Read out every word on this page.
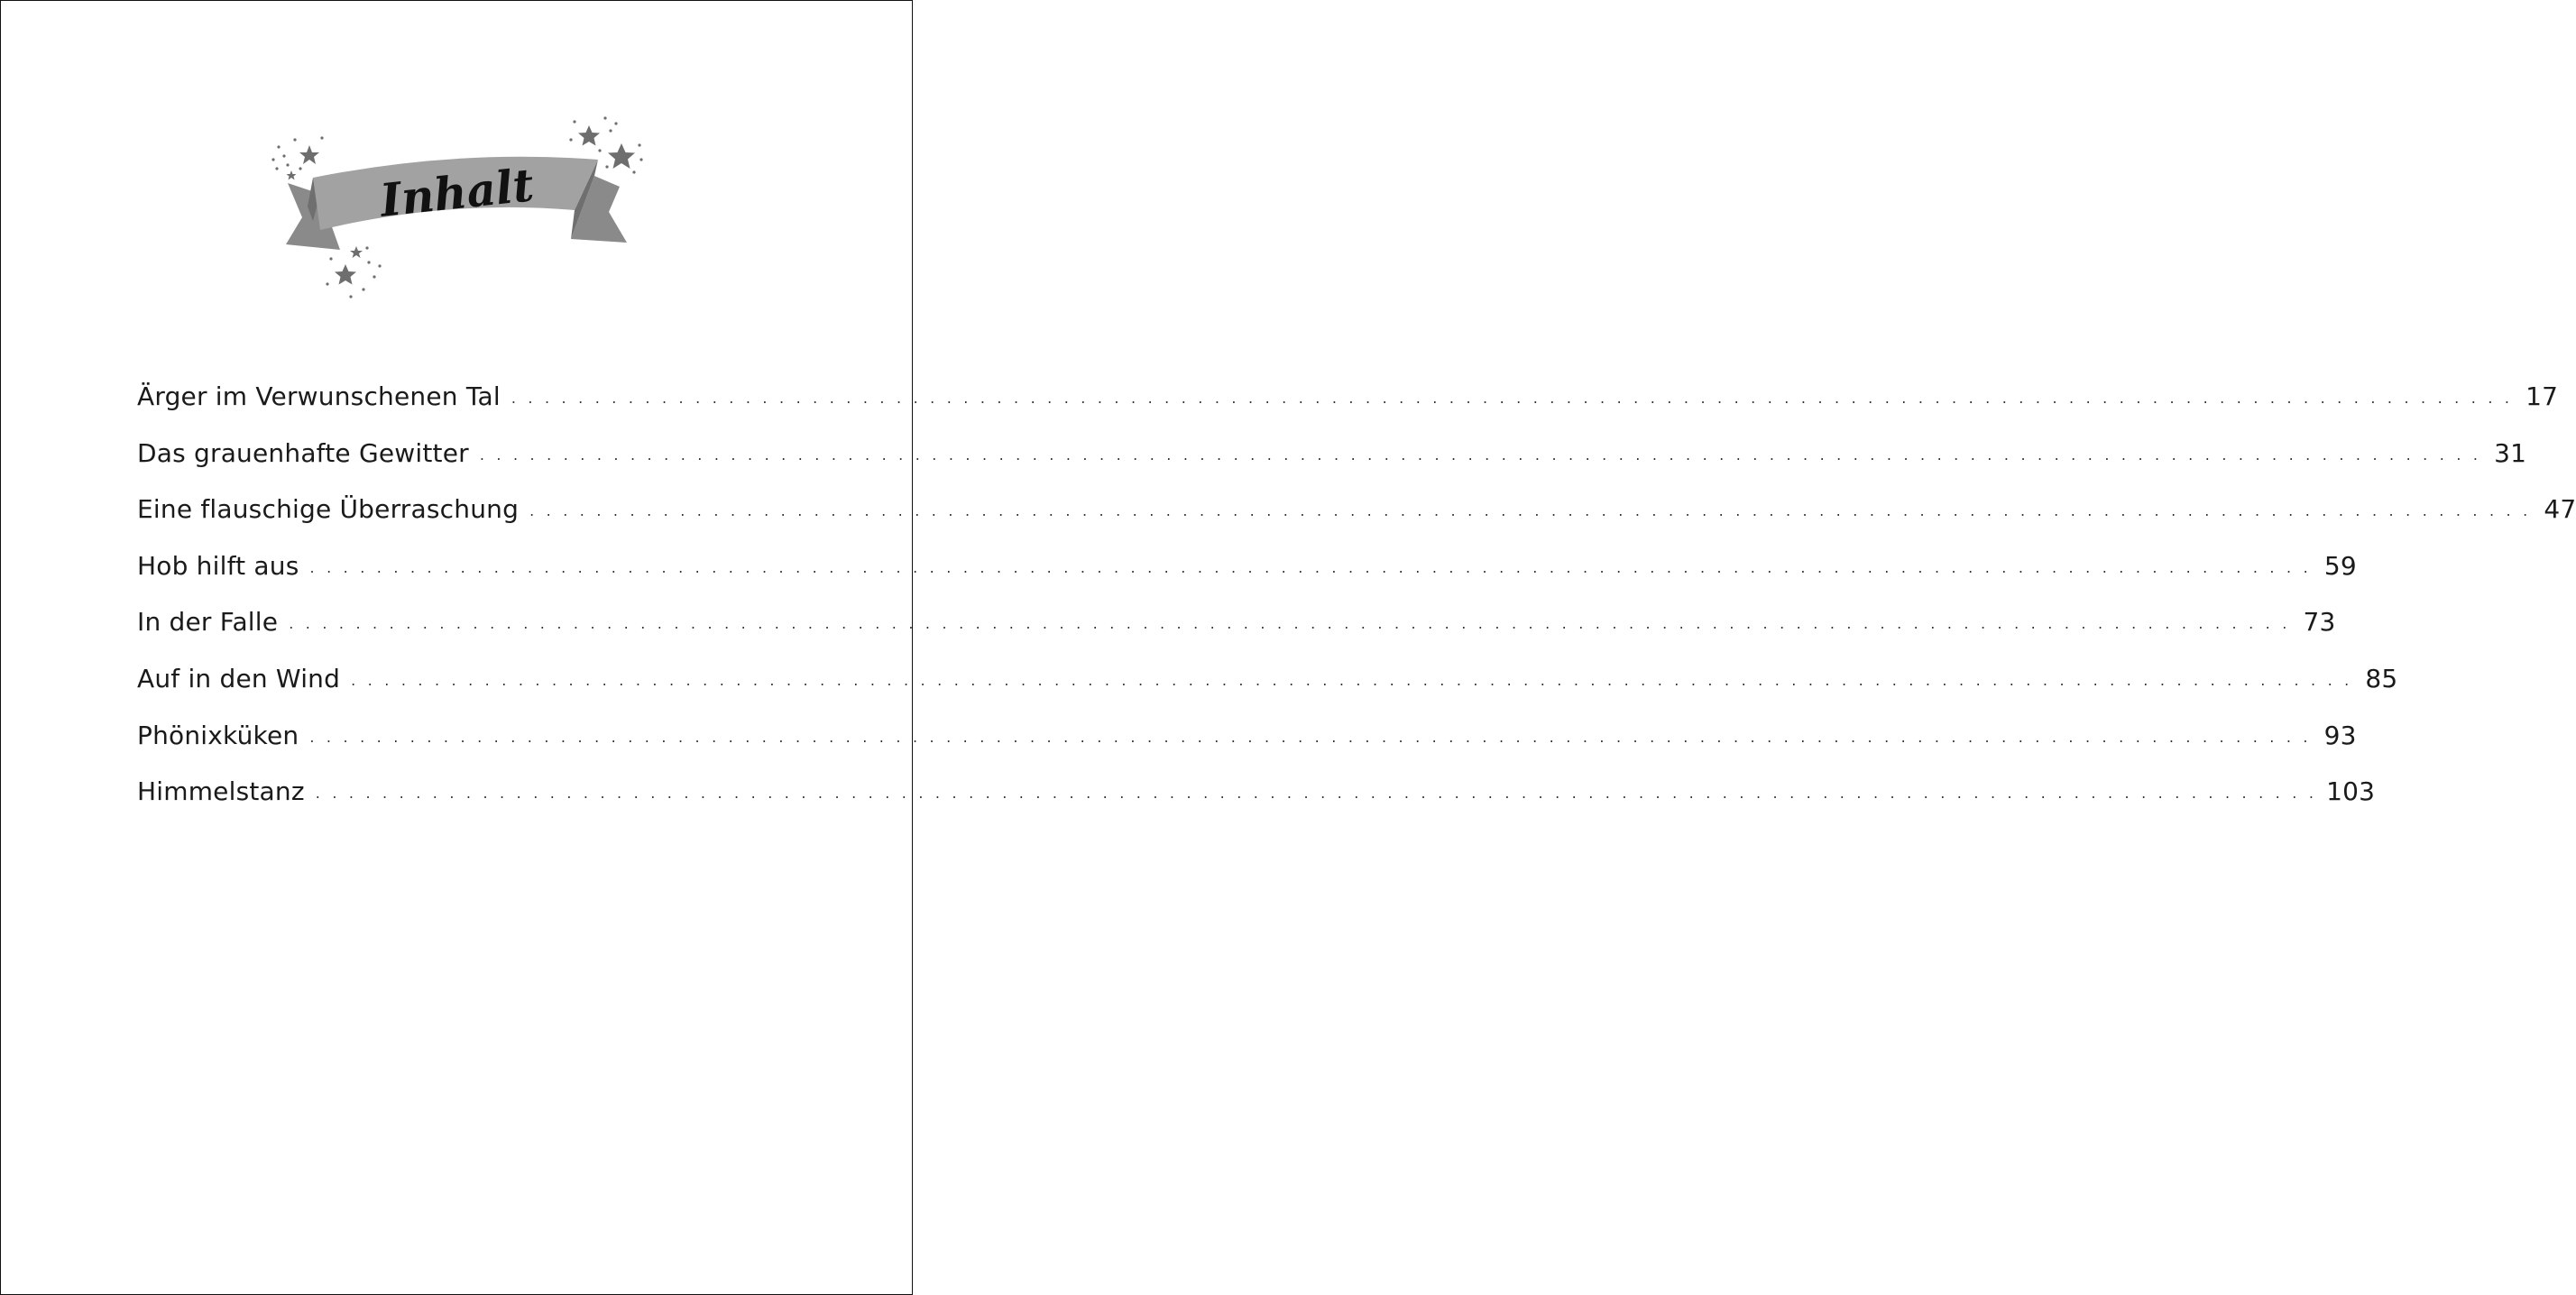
Inhalt
Ärger im Verwunschenen Tal . . . . . . . . . . . . . . . . . . . . . . . . . . . . . . . . . . . . . . . . . . . . . . . . . . . . . . . . . . . . . . . . . . . . . . . . . . . . . . . . . . . . . . . . . . . . . . . . . . . . . . . . . . . . . . . . . . . . . . . . 17
Das grauenhafte Gewitter . . . . . . . . . . . . . . . . . . . . . . . . . . . . . . . . . . . . . . . . . . . . . . . . . . . . . . . . . . . . . . . . . . . . . . . . . . . . . . . . . . . . . . . . . . . . . . . . . . . . . . . . . . . . . . . . . . . . . . . . 31
Eine flauschige Überraschung . . . . . . . . . . . . . . . . . . . . . . . . . . . . . . . . . . . . . . . . . . . . . . . . . . . . . . . . . . . . . . . . . . . . . . . . . . . . . . . . . . . . . . . . . . . . . . . . . . . . . . . . . . . . . . . . . . . . . . . . 47
Hob hilft aus . . . . . . . . . . . . . . . . . . . . . . . . . . . . . . . . . . . . . . . . . . . . . . . . . . . . . . . . . . . . . . . . . . . . . . . . . . . . . . . . . . . . . . . . . . . . . . . . . . . . . . . . . . . . . . . . . . . . . . . . 59
In der Falle . . . . . . . . . . . . . . . . . . . . . . . . . . . . . . . . . . . . . . . . . . . . . . . . . . . . . . . . . . . . . . . . . . . . . . . . . . . . . . . . . . . . . . . . . . . . . . . . . . . . . . . . . . . . . . . . . . . . . . . . 73
Auf in den Wind . . . . . . . . . . . . . . . . . . . . . . . . . . . . . . . . . . . . . . . . . . . . . . . . . . . . . . . . . . . . . . . . . . . . . . . . . . . . . . . . . . . . . . . . . . . . . . . . . . . . . . . . . . . . . . . . . . . . . . . . 85
Phönixküken . . . . . . . . . . . . . . . . . . . . . . . . . . . . . . . . . . . . . . . . . . . . . . . . . . . . . . . . . . . . . . . . . . . . . . . . . . . . . . . . . . . . . . . . . . . . . . . . . . . . . . . . . . . . . . . . . . . . . . . . 93
Himmelstanz . . . . . . . . . . . . . . . . . . . . . . . . . . . . . . . . . . . . . . . . . . . . . . . . . . . . . . . . . . . . . . . . . . . . . . . . . . . . . . . . . . . . . . . . . . . . . . . . . . . . . . . . . . . . . . . . . . . . . . . . 103
